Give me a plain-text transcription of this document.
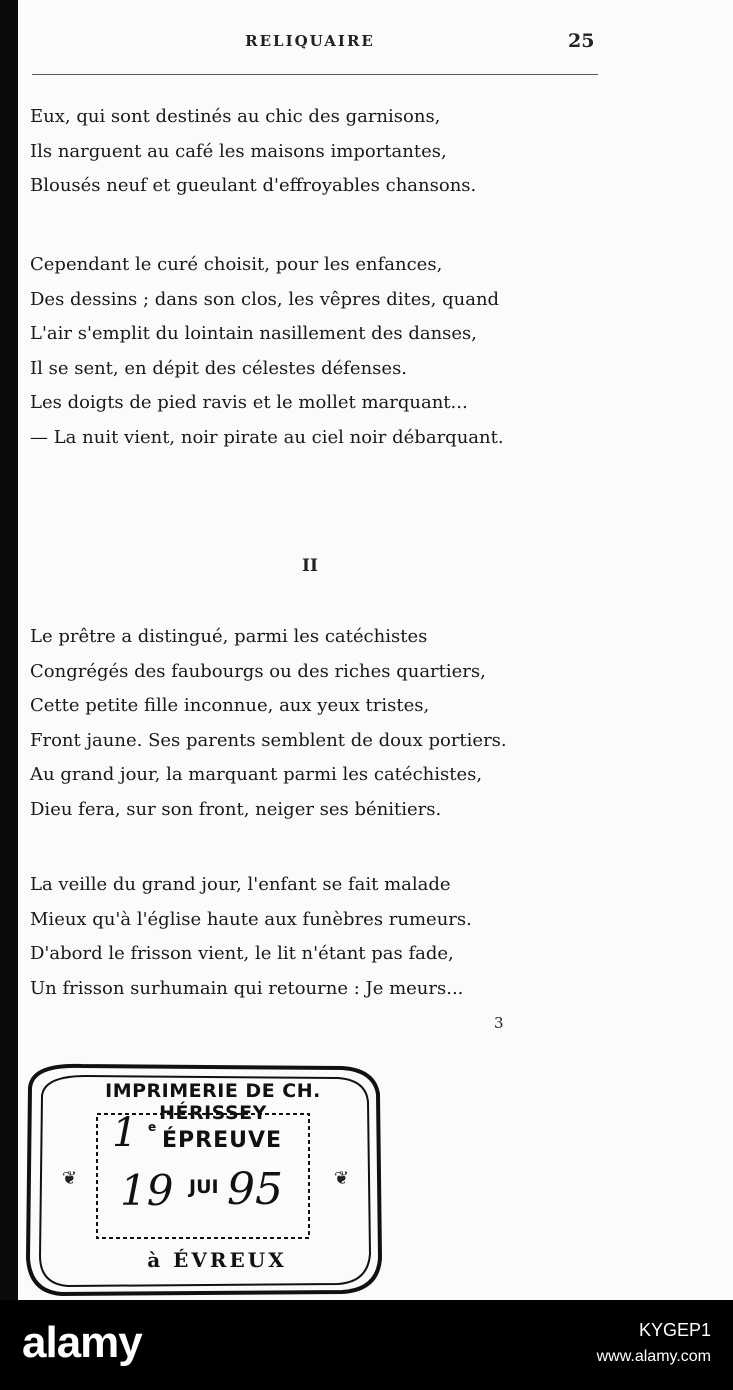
RELIQUAIRE	25
Eux, qui sont destinés au chic des garnisons,
Ils narguent au café les maisons importantes,
Blousés neuf et gueulant d'effroyables chansons.
Cependant le curé choisit, pour les enfances,
Des dessins ; dans son clos, les vêpres dites, quand
L'air s'emplit du lointain nasillement des danses,
Il se sent, en dépit des célestes défenses.
Les doigts de pied ravis et le mollet marquant...
— La nuit vient, noir pirate au ciel noir débarquant.
II
Le prêtre a distingué, parmi les catéchistes
Congrégés des faubourgs ou des riches quartiers,
Cette petite fille inconnue, aux yeux tristes,
Front jaune. Ses parents semblent de doux portiers.
Au grand jour, la marquant parmi les catéchistes,
Dieu fera, sur son front, neiger ses bénitiers.
La veille du grand jour, l'enfant se fait malade
Mieux qu'à l'église haute aux funèbres rumeurs.
D'abord le frisson vient, le lit n'étant pas fade,
Un frisson surhumain qui retourne : Je meurs...
3
IMPRIMERIE DE CH. HÉRISSEY
1 e
ÉPREUVE
19 JUI 95
❦	❦
à ÉVREUX
alamy	KYGEP1
www.alamy.com
